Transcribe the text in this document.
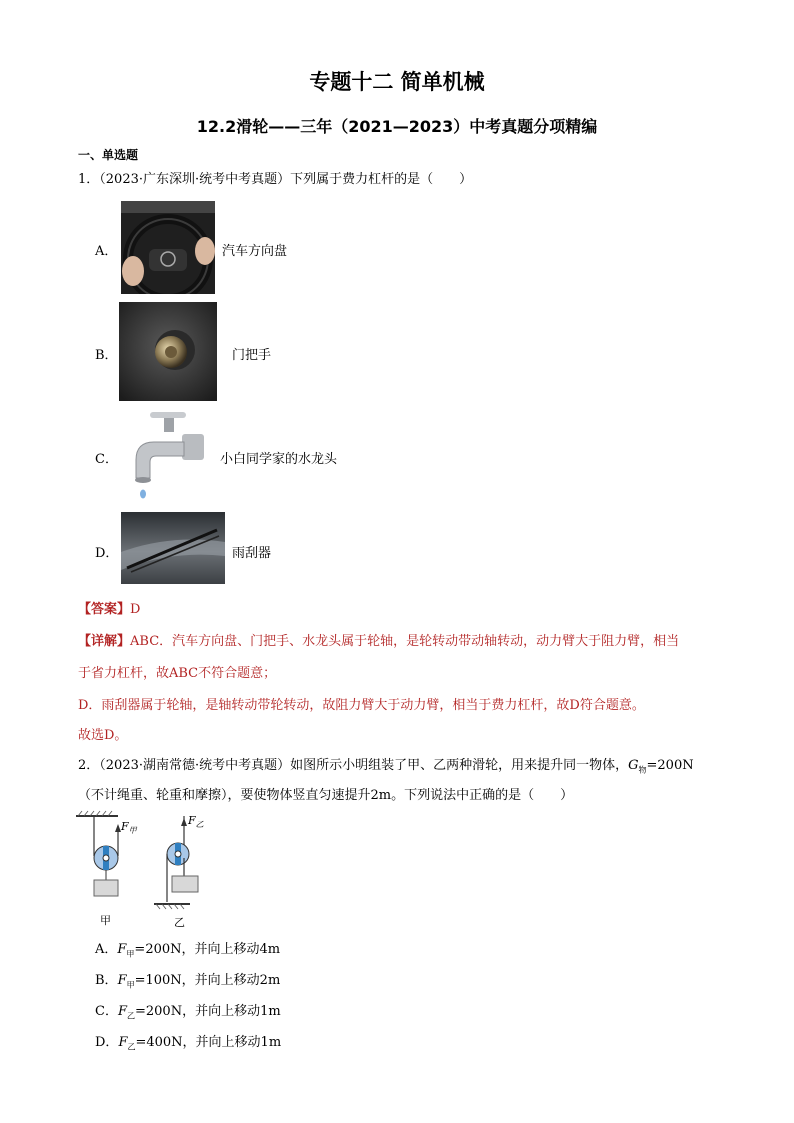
专题十二 简单机械
12.2滑轮——三年（2021—2023）中考真题分项精编
一、单选题
1．（2023·广东深圳·统考中考真题）下列属于费力杠杆的是（　　）
A．	汽车方向盘
B．	门把手
C．	小白同学家的水龙头
D．	雨刮器
【答案】D
【详解】ABC．汽车方向盘、门把手、水龙头属于轮轴，是轮转动带动轴转动，动力臂大于阻力臂，相当
于省力杠杆，故ABC不符合题意；
D．雨刮器属于轮轴，是轴转动带轮转动，故阻力臂大于动力臂，相当于费力杠杆，故D符合题意。
故选D。
2．（2023·湖南常德·统考中考真题）如图所示小明组装了甲、乙两种滑轮，用来提升同一物体，$G_物=200N$
（不计绳重、轮重和摩擦），要使物体竖直匀速提升2m。下列说法中正确的是（　　）
$F_甲$
$F_乙$
甲	乙
A．$F_甲=200N$，并向上移动4m
B．$F_甲=100N$，并向上移动2m
C．$F_乙=200N$，并向上移动1m
D．$F_乙=400N$，并向上移动1m
